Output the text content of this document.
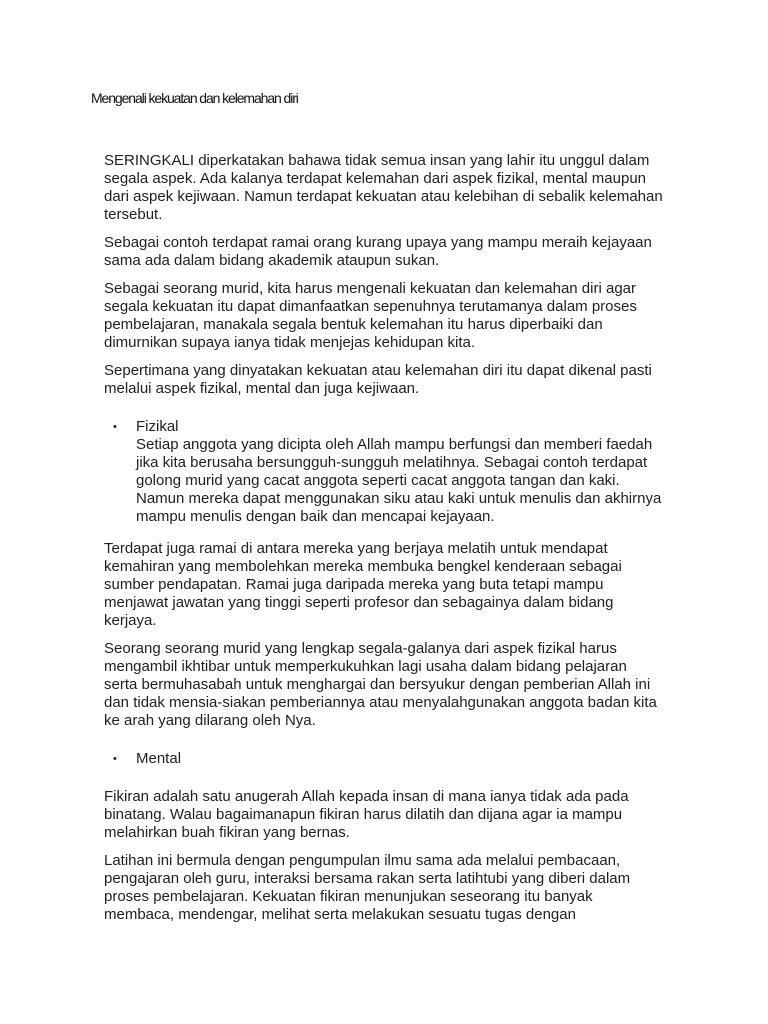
Mengenali kekuatan dan kelemahan diri

SERINGKALI diperkatakan bahawa tidak semua insan yang lahir itu unggul dalam segala aspek. Ada kalanya terdapat kelemahan dari aspek fizikal, mental maupun dari aspek kejiwaan. Namun terdapat kekuatan atau kelebihan di sebalik kelemahan tersebut.

Sebagai contoh terdapat ramai orang kurang upaya yang mampu meraih kejayaan sama ada dalam bidang akademik ataupun sukan.

Sebagai seorang murid, kita harus mengenali kekuatan dan kelemahan diri agar segala kekuatan itu dapat dimanfaatkan sepenuhnya terutamanya dalam proses pembelajaran, manakala segala bentuk kelemahan itu harus diperbaiki dan dimurnikan supaya ianya tidak menjejas kehidupan kita.

Sepertimana yang dinyatakan kekuatan atau kelemahan diri itu dapat dikenal pasti melalui aspek fizikal, mental dan juga kejiwaan.

• Fizikal

Setiap anggota yang dicipta oleh Allah mampu berfungsi dan memberi faedah jika kita berusaha bersungguh-sungguh melatihnya. Sebagai contoh terdapat golong murid yang cacat anggota seperti cacat anggota tangan dan kaki. Namun mereka dapat menggunakan siku atau kaki untuk menulis dan akhirnya mampu menulis dengan baik dan mencapai kejayaan.

Terdapat juga ramai di antara mereka yang berjaya melatih untuk mendapat kemahiran yang membolehkan mereka membuka bengkel kenderaan sebagai sumber pendapatan. Ramai juga daripada mereka yang buta tetapi mampu menjawat jawatan yang tinggi seperti profesor dan sebagainya dalam bidang kerjaya.

Seorang seorang murid yang lengkap segala-galanya dari aspek fizikal harus mengambil ikhtibar untuk memperkukuhkan lagi usaha dalam bidang pelajaran serta bermuhasabah untuk menghargai dan bersyukur dengan pemberian Allah ini dan tidak mensia-siakan pemberiannya atau menyalahgunakan anggota badan kita ke arah yang dilarang oleh Nya.

• Mental

Fikiran adalah satu anugerah Allah kepada insan di mana ianya tidak ada pada binatang. Walau bagaimanapun fikiran harus dilatih dan dijana agar ia mampu melahirkan buah fikiran yang bernas.

Latihan ini bermula dengan pengumpulan ilmu sama ada melalui pembacaan, pengajaran oleh guru, interaksi bersama rakan serta latihtubi yang diberi dalam proses pembelajaran. Kekuatan fikiran menunjukan seseorang itu banyak membaca, mendengar, melihat serta melakukan sesuatu tugas dengan
